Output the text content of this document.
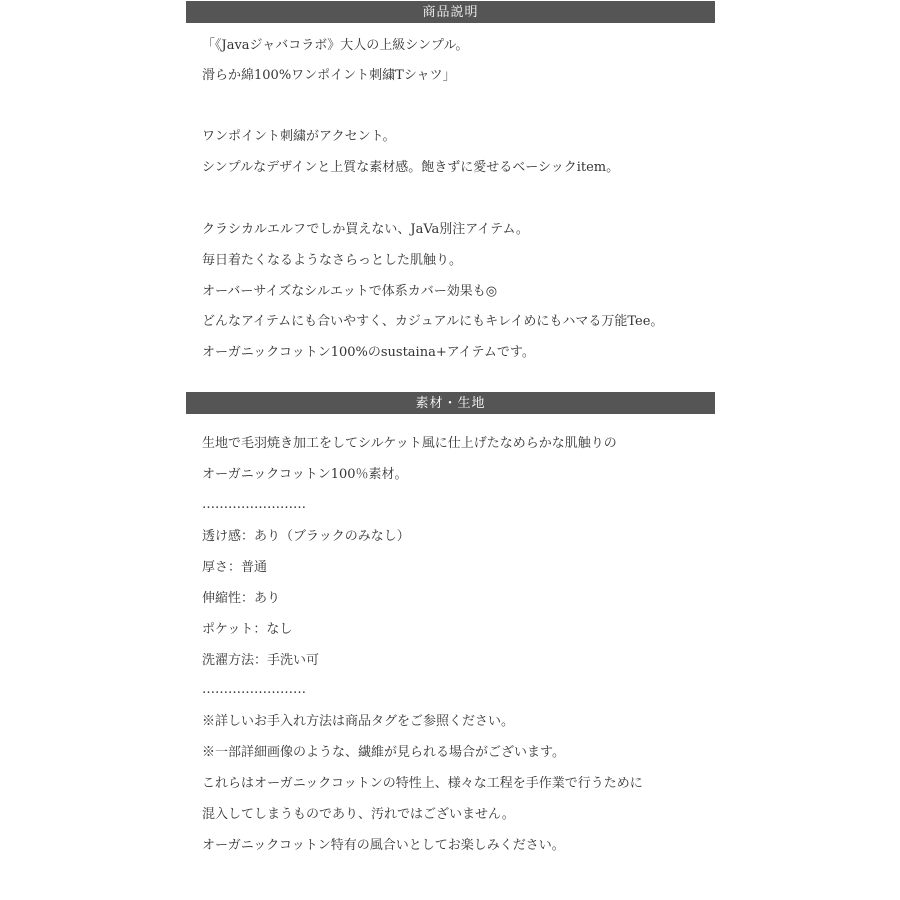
商品説明
「《Javaジャバコラボ》大人の上級シンプル。
滑らか綿100%ワンポイント刺繍Tシャツ」
ワンポイント刺繍がアクセント。
シンプルなデザインと上質な素材感。飽きずに愛せるベーシックitem。
クラシカルエルフでしか買えない、JaVa別注アイテム。
毎日着たくなるようなさらっとした肌触り。
オーバーサイズなシルエットで体系カバー効果も◎
どんなアイテムにも合いやすく、カジュアルにもキレイめにもハマる万能Tee。
オーガニックコットン100%のsustaina+アイテムです。
素材・生地
生地で毛羽焼き加工をしてシルケット風に仕上げたなめらかな肌触りの
オーガニックコットン100％素材。
……………………
透け感：あり（ブラックのみなし）
厚さ：普通
伸縮性：あり
ポケット：なし
洗濯方法：手洗い可
……………………
※詳しいお手入れ方法は商品タグをご参照ください。
※一部詳細画像のような、繊維が見られる場合がございます。
これらはオーガニックコットンの特性上、様々な工程を手作業で行うために
混入してしまうものであり、汚れではございません。
オーガニックコットン特有の風合いとしてお楽しみください。
